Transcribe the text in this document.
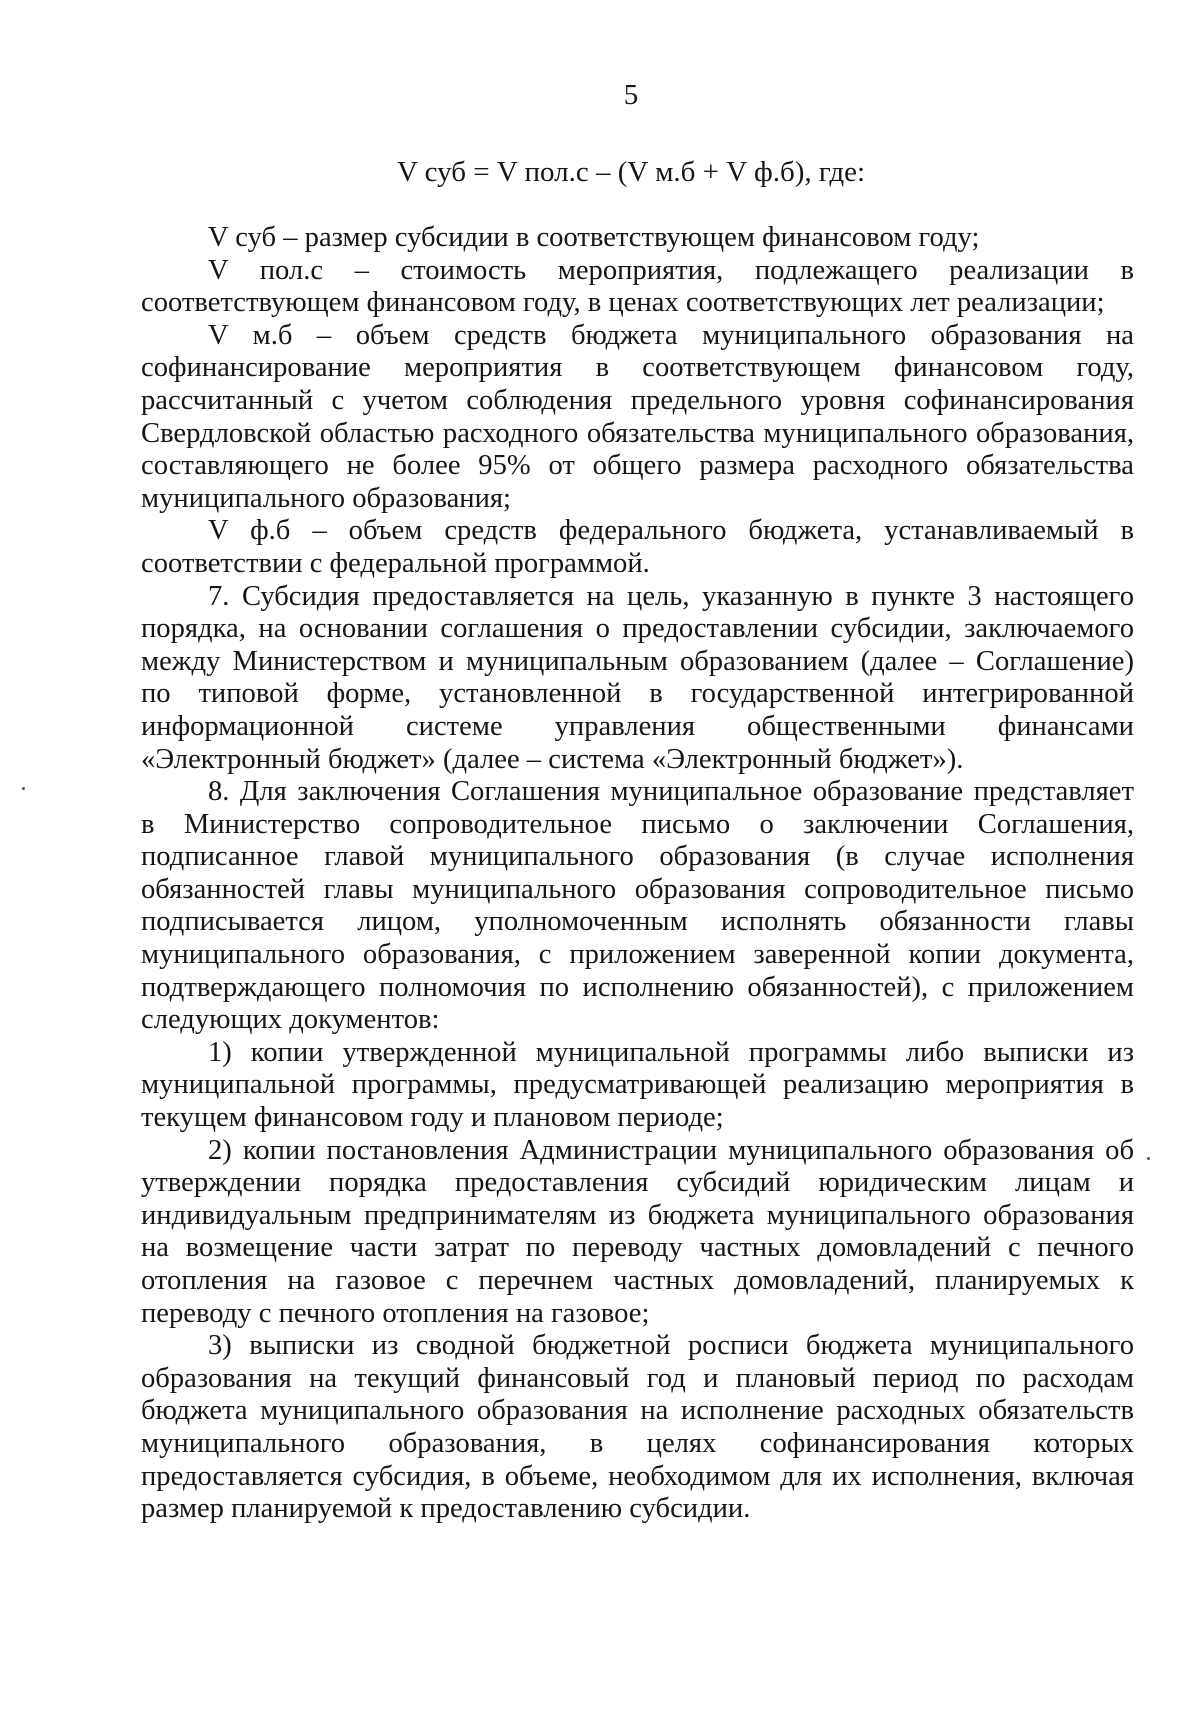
5
V суб = V пол.с – (V м.б + V ф.б), где:

V суб – размер субсидии в соответствующем финансовом году;

V пол.с – стоимость мероприятия, подлежащего реализации в соответствующем финансовом году, в ценах соответствующих лет реализации;

V м.б – объем средств бюджета муниципального образования на софинансирование мероприятия в соответствующем финансовом году, рассчитанный с учетом соблюдения предельного уровня софинансирования Свердловской областью расходного обязательства муниципального образования, составляющего не более 95% от общего размера расходного обязательства муниципального образования;

V ф.б – объем средств федерального бюджета, устанавливаемый в соответствии с федеральной программой.

7. Субсидия предоставляется на цель, указанную в пункте 3 настоящего порядка, на основании соглашения о предоставлении субсидии, заключаемого между Министерством и муниципальным образованием (далее – Соглашение) по типовой форме, установленной в государственной интегрированной информационной системе управления общественными финансами «Электронный бюджет» (далее – система «Электронный бюджет»).

8. Для заключения Соглашения муниципальное образование представляет в Министерство сопроводительное письмо о заключении Соглашения, подписанное главой муниципального образования (в случае исполнения обязанностей главы муниципального образования сопроводительное письмо подписывается лицом, уполномоченным исполнять обязанности главы муниципального образования, с приложением заверенной копии документа, подтверждающего полномочия по исполнению обязанностей), с приложением следующих документов:

1) копии утвержденной муниципальной программы либо выписки из муниципальной программы, предусматривающей реализацию мероприятия в текущем финансовом году и плановом периоде;

2) копии постановления Администрации муниципального образования об утверждении порядка предоставления субсидий юридическим лицам и индивидуальным предпринимателям из бюджета муниципального образования на возмещение части затрат по переводу частных домовладений с печного отопления на газовое с перечнем частных домовладений, планируемых к переводу с печного отопления на газовое;

3) выписки из сводной бюджетной росписи бюджета муниципального образования на текущий финансовый год и плановый период по расходам бюджета муниципального образования на исполнение расходных обязательств муниципального образования, в целях софинансирования которых предоставляется субсидия, в объеме, необходимом для их исполнения, включая размер планируемой к предоставлению субсидии.
